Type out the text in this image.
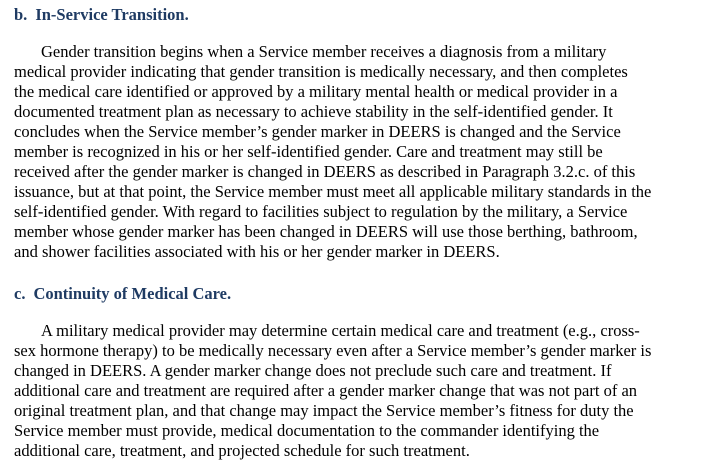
b. In-Service Transition.
Gender transition begins when a Service member receives a diagnosis from a military
medical provider indicating that gender transition is medically necessary, and then completes
the medical care identified or approved by a military mental health or medical provider in a
documented treatment plan as necessary to achieve stability in the self-identified gender. It
concludes when the Service member’s gender marker in DEERS is changed and the Service
member is recognized in his or her self-identified gender. Care and treatment may still be
received after the gender marker is changed in DEERS as described in Paragraph 3.2.c. of this
issuance, but at that point, the Service member must meet all applicable military standards in the
self-identified gender. With regard to facilities subject to regulation by the military, a Service
member whose gender marker has been changed in DEERS will use those berthing, bathroom,
and shower facilities associated with his or her gender marker in DEERS.
c. Continuity of Medical Care.
A military medical provider may determine certain medical care and treatment (e.g., cross-
sex hormone therapy) to be medically necessary even after a Service member’s gender marker is
changed in DEERS. A gender marker change does not preclude such care and treatment. If
additional care and treatment are required after a gender marker change that was not part of an
original treatment plan, and that change may impact the Service member’s fitness for duty the
Service member must provide, medical documentation to the commander identifying the
additional care, treatment, and projected schedule for such treatment.
